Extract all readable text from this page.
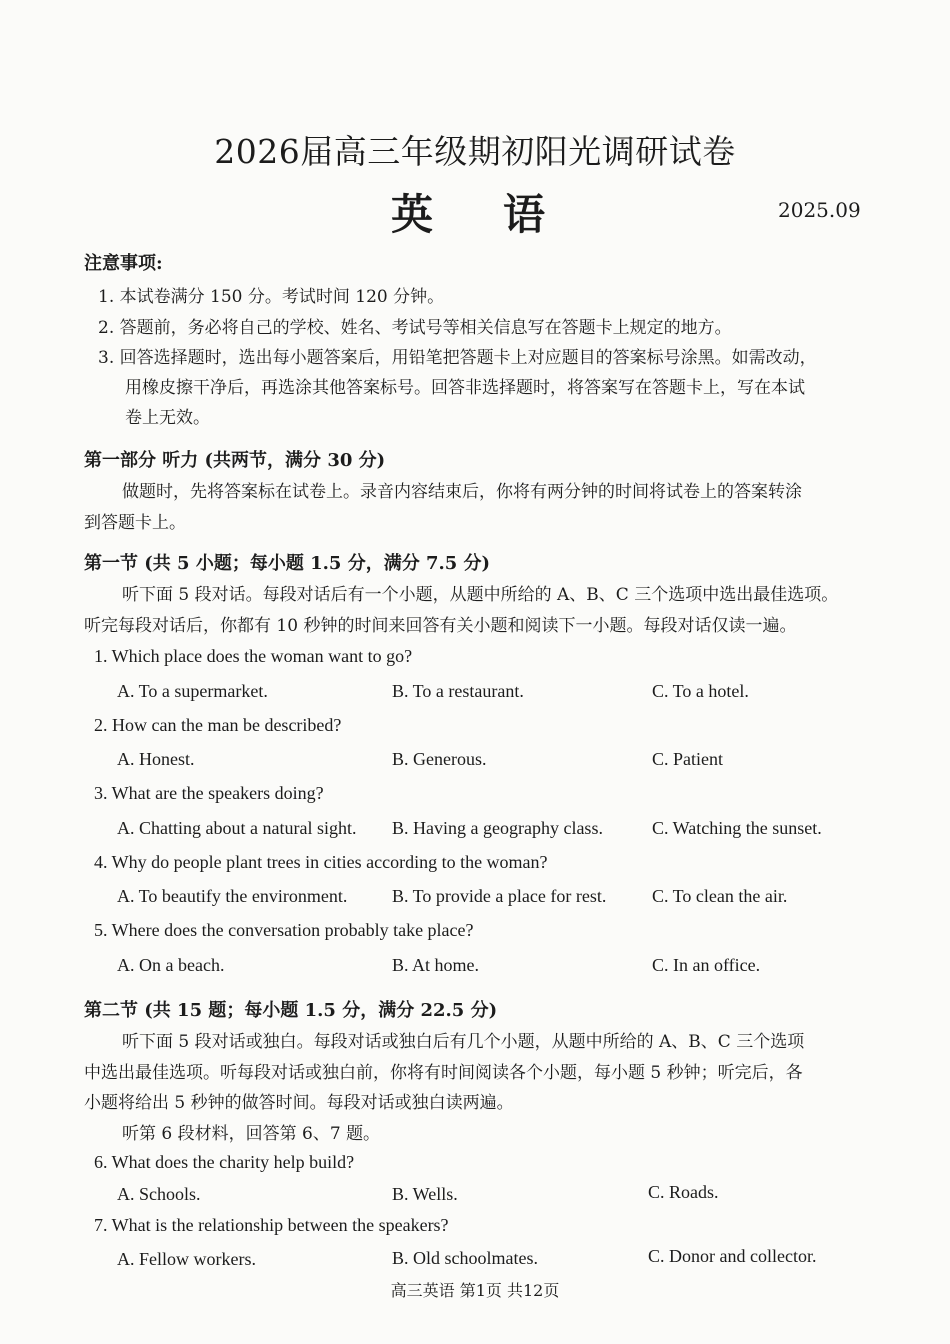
2026届高三年级期初阳光调研试卷
英语	2025.09
注意事项:
1. 本试卷满分 150 分。考试时间 120 分钟。
2. 答题前，务必将自己的学校、姓名、考试号等相关信息写在答题卡上规定的地方。
3. 回答选择题时，选出每小题答案后，用铅笔把答题卡上对应题目的答案标号涂黑。如需改动，
用橡皮擦干净后，再选涂其他答案标号。回答非选择题时，将答案写在答题卡上，写在本试
卷上无效。
第一部分 听力 (共两节，满分 30 分)
做题时，先将答案标在试卷上。录音内容结束后，你将有两分钟的时间将试卷上的答案转涂
到答题卡上。
第一节 (共 5 小题；每小题 1.5 分，满分 7.5 分)
听下面 5 段对话。每段对话后有一个小题，从题中所给的 A、B、C 三个选项中选出最佳选项。
听完每段对话后，你都有 10 秒钟的时间来回答有关小题和阅读下一小题。每段对话仅读一遍。
1. Which place does the woman want to go?
A. To a supermarket.	B. To a restaurant.	C. To a hotel.
2. How can the man be described?
A. Honest.	B. Generous.	C. Patient
3. What are the speakers doing?
A. Chatting about a natural sight. B. Having a geography class.	C. Watching the sunset.
4. Why do people plant trees in cities according to the woman?
A. To beautify the environment. B. To provide a place for rest.	C. To clean the air.
5. Where does the conversation probably take place?
A. On a beach.	B. At home.	C. In an office.
第二节 (共 15 题；每小题 1.5 分，满分 22.5 分)
听下面 5 段对话或独白。每段对话或独白后有几个小题，从题中所给的 A、B、C 三个选项
中选出最佳选项。听每段对话或独白前，你将有时间阅读各个小题，每小题 5 秒钟；听完后，各
小题将给出 5 秒钟的做答时间。每段对话或独白读两遍。
听第 6 段材料，回答第 6、7 题。
6. What does the charity help build?
A. Schools.	B. Wells.	C. Roads.
7. What is the relationship between the speakers?
A. Fellow workers.	B. Old schoolmates.	C. Donor and collector.
高三英语 第1页 共12页
